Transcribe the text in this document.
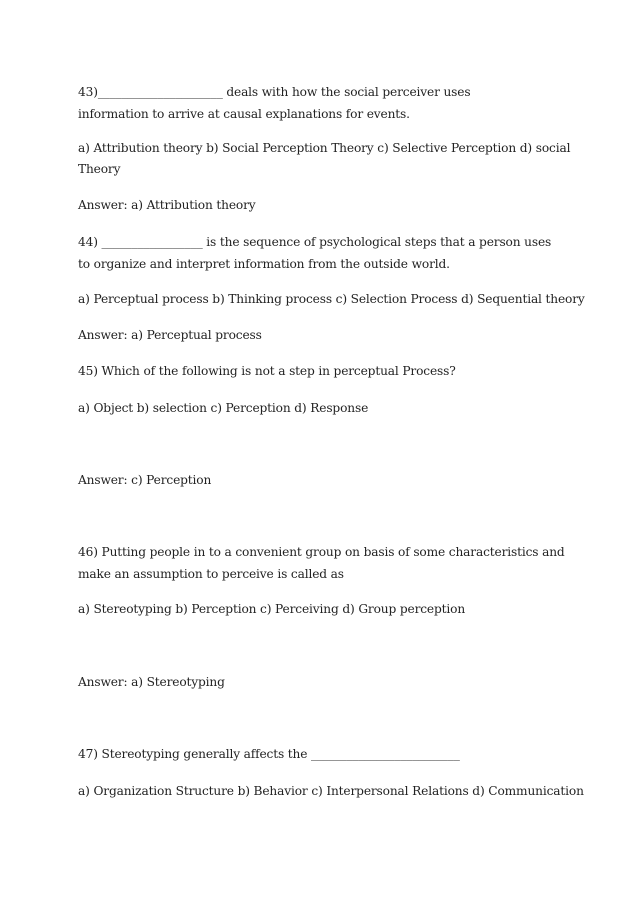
43)_____________________ deals with how the social perceiver uses
information to arrive at causal explanations for events.
a) Attribution theory b) Social Perception Theory c) Selective Perception d) social
Theory
Answer: a) Attribution theory
44) _________________ is the sequence of psychological steps that a person uses
to organize and interpret information from the outside world.
a) Perceptual process b) Thinking process c) Selection Process d) Sequential theory
Answer: a) Perceptual process
45) Which of the following is not a step in perceptual Process?
a) Object b) selection c) Perception d) Response
Answer: c) Perception
46) Putting people in to a convenient group on basis of some characteristics and
make an assumption to perceive is called as
a) Stereotyping b) Perception c) Perceiving d) Group perception
Answer: a) Stereotyping
47) Stereotyping generally affects the _________________________
a) Organization Structure b) Behavior c) Interpersonal Relations d) Communication
